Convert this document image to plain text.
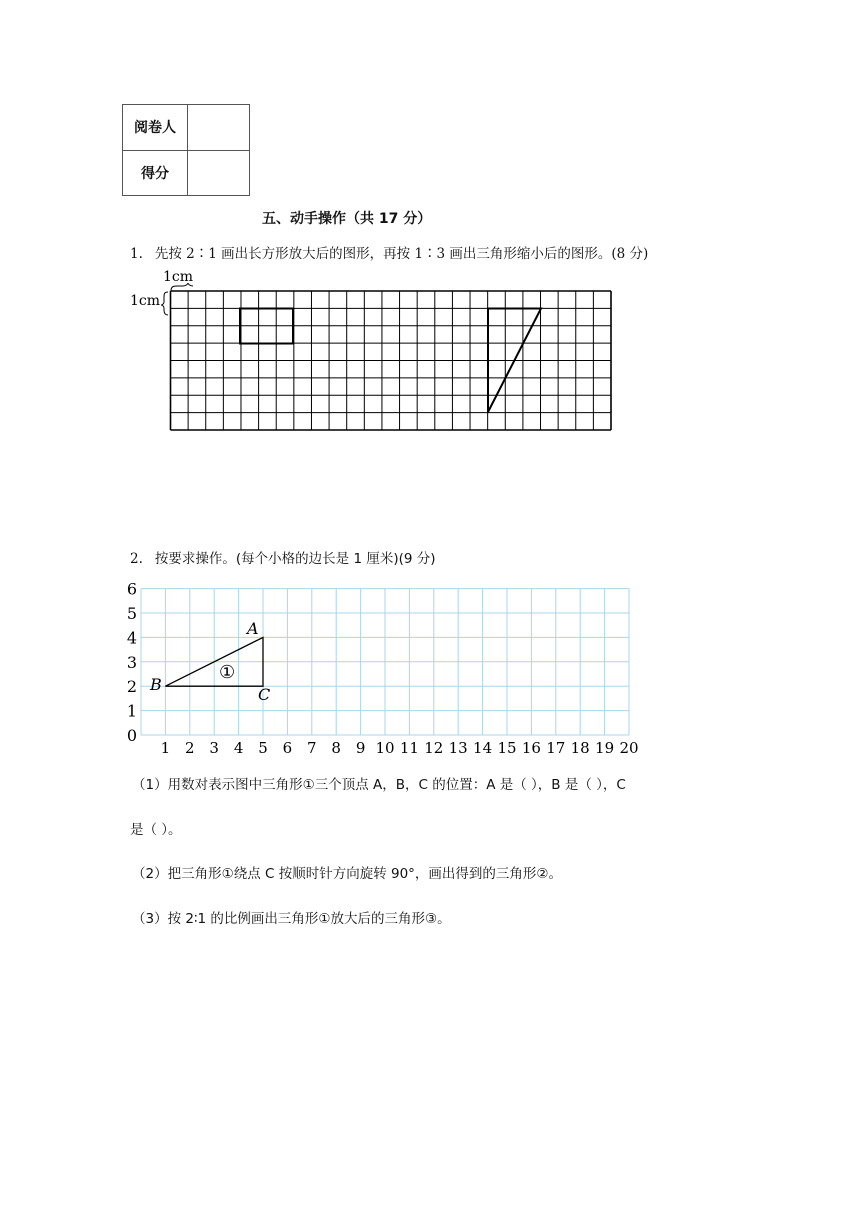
阅卷人	
得分	
五、动手操作（共 17 分）
1. 先按 2∶1 画出长方形放大后的图形，再按 1∶3 画出三角形缩小后的图形。(8 分)
1cm
1cm
1 2 3 4 5 6 7 8 9 10 11 12 13 14 15 16 17 18 19 20
0
1
2
3
4
5
6
A
B
C
①
2. 按要求操作。(每个小格的边长是 1 厘米)(9 分)
（1）用数对表示图中三角形①三个顶点 A，B，C 的位置：A 是（ ），B 是（ ），C
是（ ）。
（2）把三角形①绕点 C 按顺时针方向旋转 90°，画出得到的三角形②。
（3）按 2∶1 的比例画出三角形①放大后的三角形③。
